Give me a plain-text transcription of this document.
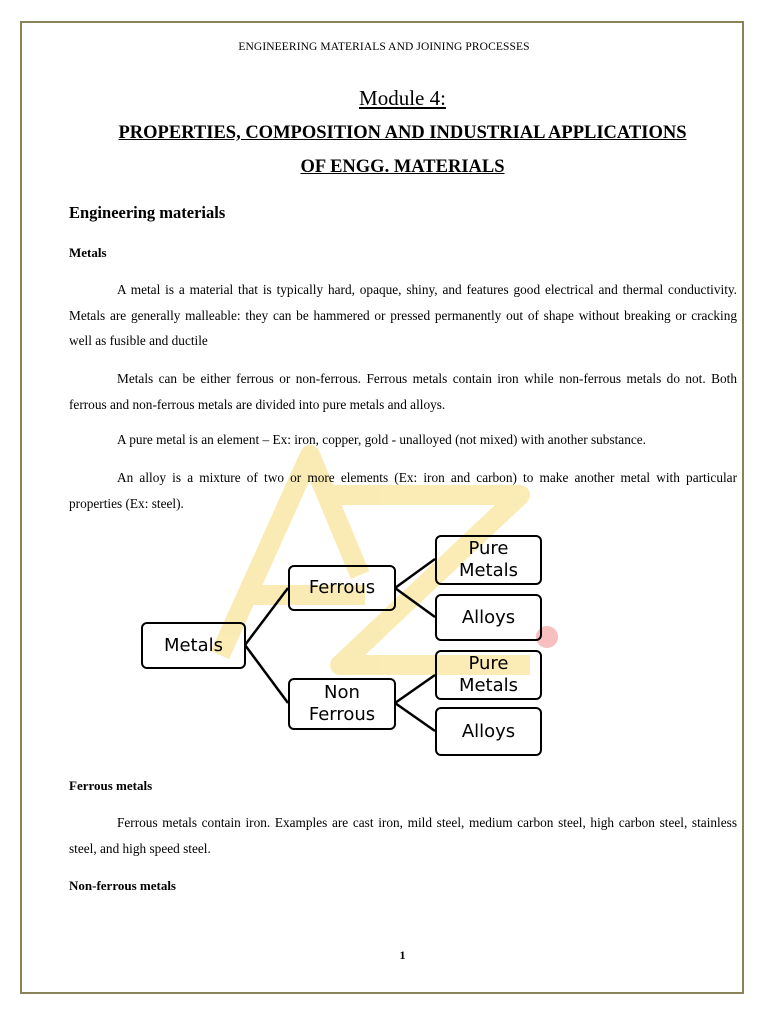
ENGINEERING MATERIALS AND JOINING PROCESSES
Module 4:
PROPERTIES, COMPOSITION AND INDUSTRIAL APPLICATIONS
OF ENGG. MATERIALS
Engineering materials
Metals
A metal is a material that is typically hard, opaque, shiny, and features good electrical and thermal conductivity. Metals are generally malleable: they can be hammered or pressed permanently out of shape without breaking or cracking well as fusible and ductile
Metals can be either ferrous or non-ferrous. Ferrous metals contain iron while non-ferrous metals do not. Both ferrous and non-ferrous metals are divided into pure metals and alloys.
A pure metal is an element – Ex: iron, copper, gold - unalloyed (not mixed) with another substance.
An alloy is a mixture of two or more elements (Ex: iron and carbon) to make another metal with particular properties (Ex: steel).
Metals
Ferrous
Non
Ferrous
Pure
Metals
Alloys
Pure
Metals
Alloys
Ferrous metals
Ferrous metals contain iron. Examples are cast iron, mild steel, medium carbon steel, high carbon steel, stainless steel, and high speed steel.
Non-ferrous metals
1
